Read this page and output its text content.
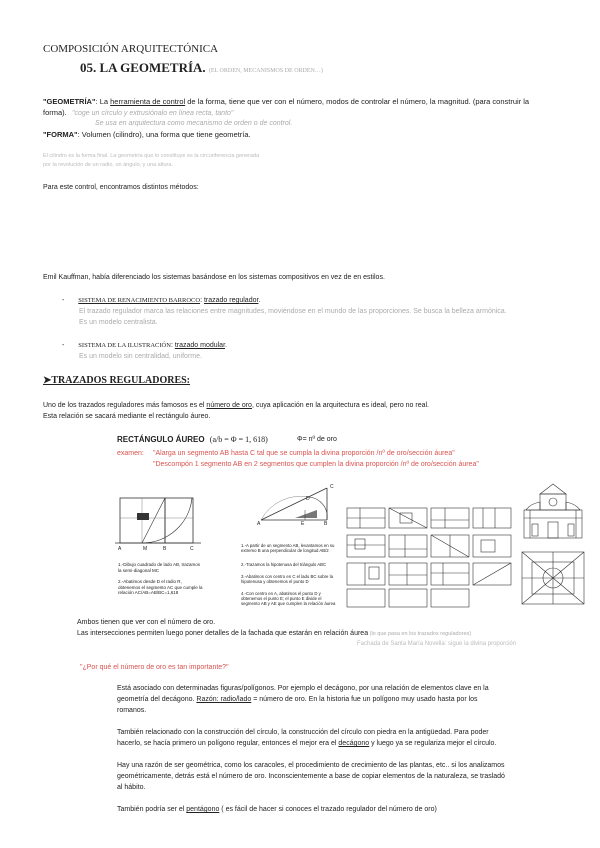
COMPOSICIÓN ARQUITECTÓNICA
05. LA GEOMETRÍA. (EL ORDEN, MECANISMOS DE ORDEN…)
"GEOMETRÍA": La herramienta de control de la forma, tiene que ver con el número, modos de controlar el número, la magnitud. (para construir la
forma). "coge un círculo y extrusiónalo en línea recta, tanto"
Se usa en arquitectura como mecanismo de orden o de control.
"FORMA": Volumen (cilindro), una forma que tiene geometría.
El cilindro es la forma final. La geometría que lo constituye es la circunferencia generada
por la revolución de un radio, un ángulo, y una altura.
Para este control, encontramos distintos métodos:
Emil Kauffman, había diferenciado los sistemas basándose en los sistemas compositivos en vez de en estilos.
- SISTEMA DE RENACIMIENTO BARROCO: trazado regulador.
El trazado regulador marca las relaciones entre magnitudes, moviéndose en el mundo de las proporciones. Se busca la belleza armónica.
Es un modelo centralista.
- SISTEMA DE LA ILUSTRACIÓN: trazado modular.
Es un modelo sin centralidad, uniforme.
➤TRAZADOS REGULADORES:
Uno de los trazados reguladores más famosos es el número de oro, cuya aplicación en la arquitectura es ideal, pero no real.
Esta relación se sacará mediante el rectángulo áureo.
RECTÁNGULO ÁUREO (a/b = Φ = 1, 618)	Φ= nº de oro
examen: "Alarga un segmento AB hasta C tal que se cumpla la divina proporción /nº de oro/sección áurea"
"Descompón 1 segmento AB en 2 segmentos que cumplen la divina proporción /nº de oro/sección áurea"
A	M	B	C
1.-Dibujo cuadrado de lado AB, trazamos la semi-diagonal MC
2.-Abatimos desde D el radio R, obtenemos el segmento AC que cumple la relación AC/AB=AB/BC=1,618
A	E	B
C
D
1.-A partir de un segmento AB, levantamos en su extremo B una perpendicular de longitud AB/2
2.-Trazamos la hipotenusa del triángulo ABC
3.-Abatimos con centro en C el lado BC sobre la hipotenusa y obtenemos el punto D
4.-Con centro en A, abatimos el punto D y obtenemos el punto E; el punto E divide el segmento AB y AE que cumplen la relación áurea
Ambos tienen que ver con el número de oro.
Las intersecciones permiten luego poner detalles de la fachada que estarán en relación áurea (lo que pasa en los trazados reguladores)
Fachada de Santa María Novella: sigue la divina proporción
"¿Por qué el número de oro es tan importante?"
Está asociado con determinadas figuras/polígonos. Por ejemplo el decágono, por una relación de elementos clave en la
geometría del decágono. Razón: radio/lado = número de oro. En la historia fue un polígono muy usado hasta por los
romanos.
También relacionado con la construcción del círculo, la construcción del círculo con piedra en la antigüedad. Para poder
hacerlo, se hacía primero un polígono regular, entonces el mejor era el decágono y luego ya se regulariza mejor el círculo.
Hay una razón de ser geométrica, como los caracoles, el procedimiento de crecimiento de las plantas, etc.. si los analizamos
geométricamente, detrás está el número de oro. Inconscientemente a base de copiar elementos de la naturaleza, se trasladó
al hábito.
También podría ser el pentágono ( es fácil de hacer si conoces el trazado regulador del número de oro)
